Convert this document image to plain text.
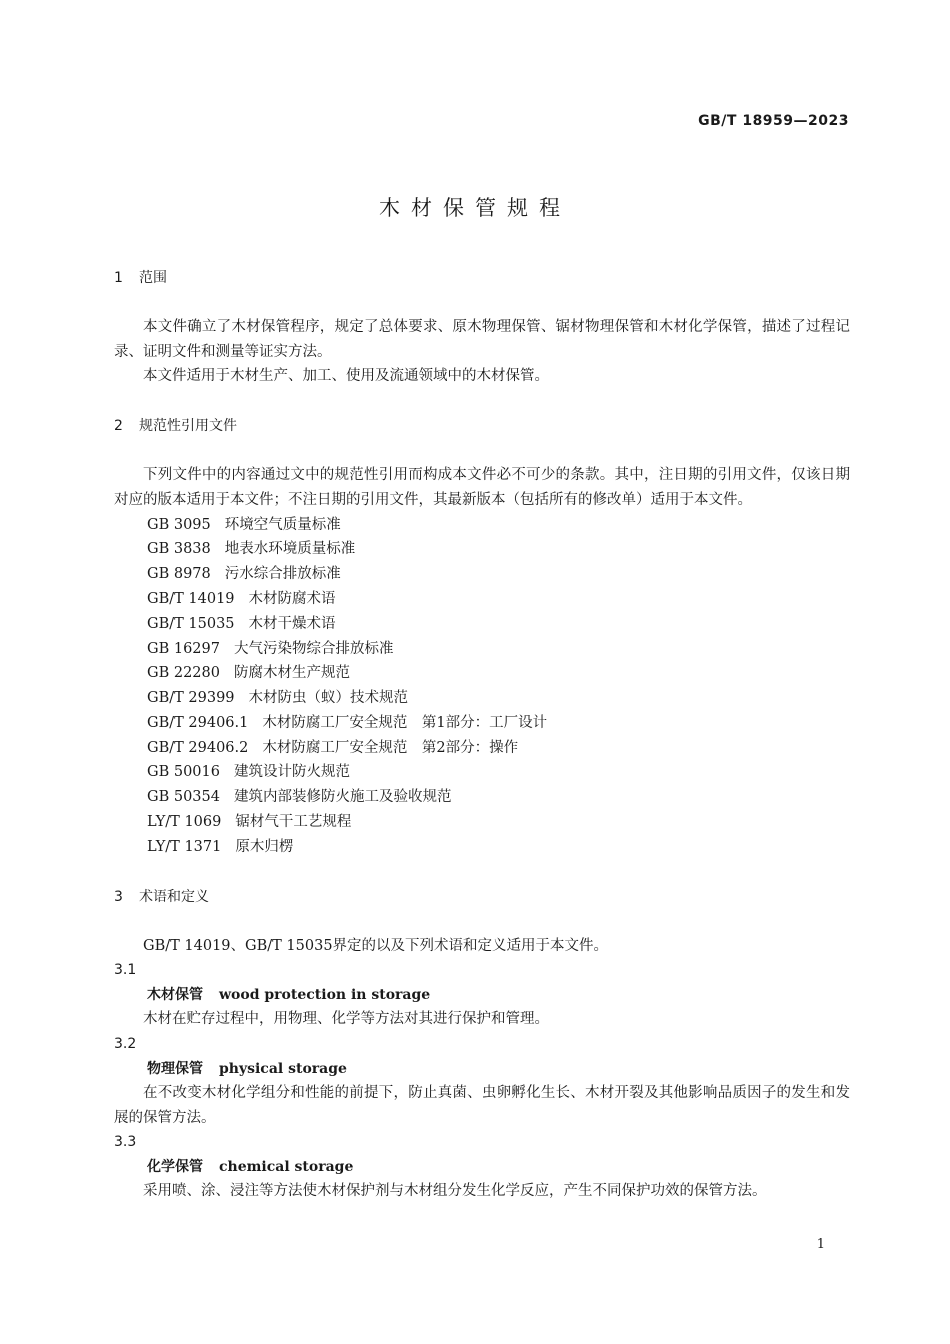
GB/T 18959—2023
木材保管规程
1 范围

本文件确立了木材保管程序，规定了总体要求、原木物理保管、锯材物理保管和木材化学保管，描述了过程记录、证明文件和测量等证实方法。

本文件适用于木材生产、加工、使用及流通领域中的木材保管。

2 规范性引用文件

下列文件中的内容通过文中的规范性引用而构成本文件必不可少的条款。其中，注日期的引用文件，仅该日期对应的版本适用于本文件；不注日期的引用文件，其最新版本（包括所有的修改单）适用于本文件。

GB 3095 环境空气质量标准
GB 3838 地表水环境质量标准
GB 8978 污水综合排放标准
GB/T 14019 木材防腐术语
GB/T 15035 木材干燥术语
GB 16297 大气污染物综合排放标准
GB 22280 防腐木材生产规范
GB/T 29399 木材防虫（蚁）技术规范
GB/T 29406.1 木材防腐工厂安全规范　第1部分：工厂设计
GB/T 29406.2 木材防腐工厂安全规范　第2部分：操作
GB 50016 建筑设计防火规范
GB 50354 建筑内部装修防火施工及验收规范
LY/T 1069 锯材气干工艺规程
LY/T 1371 原木归楞
3 术语和定义

GB/T 14019、GB/T 15035界定的以及下列术语和定义适用于本文件。

3.1
木材保管 wood protection in storage

木材在贮存过程中，用物理、化学等方法对其进行保护和管理。

3.2
物理保管 physical storage

在不改变木材化学组分和性能的前提下，防止真菌、虫卵孵化生长、木材开裂及其他影响品质因子的发生和发展的保管方法。

3.3
化学保管 chemical storage

采用喷、涂、浸注等方法使木材保护剂与木材组分发生化学反应，产生不同保护功效的保管方法。

1
